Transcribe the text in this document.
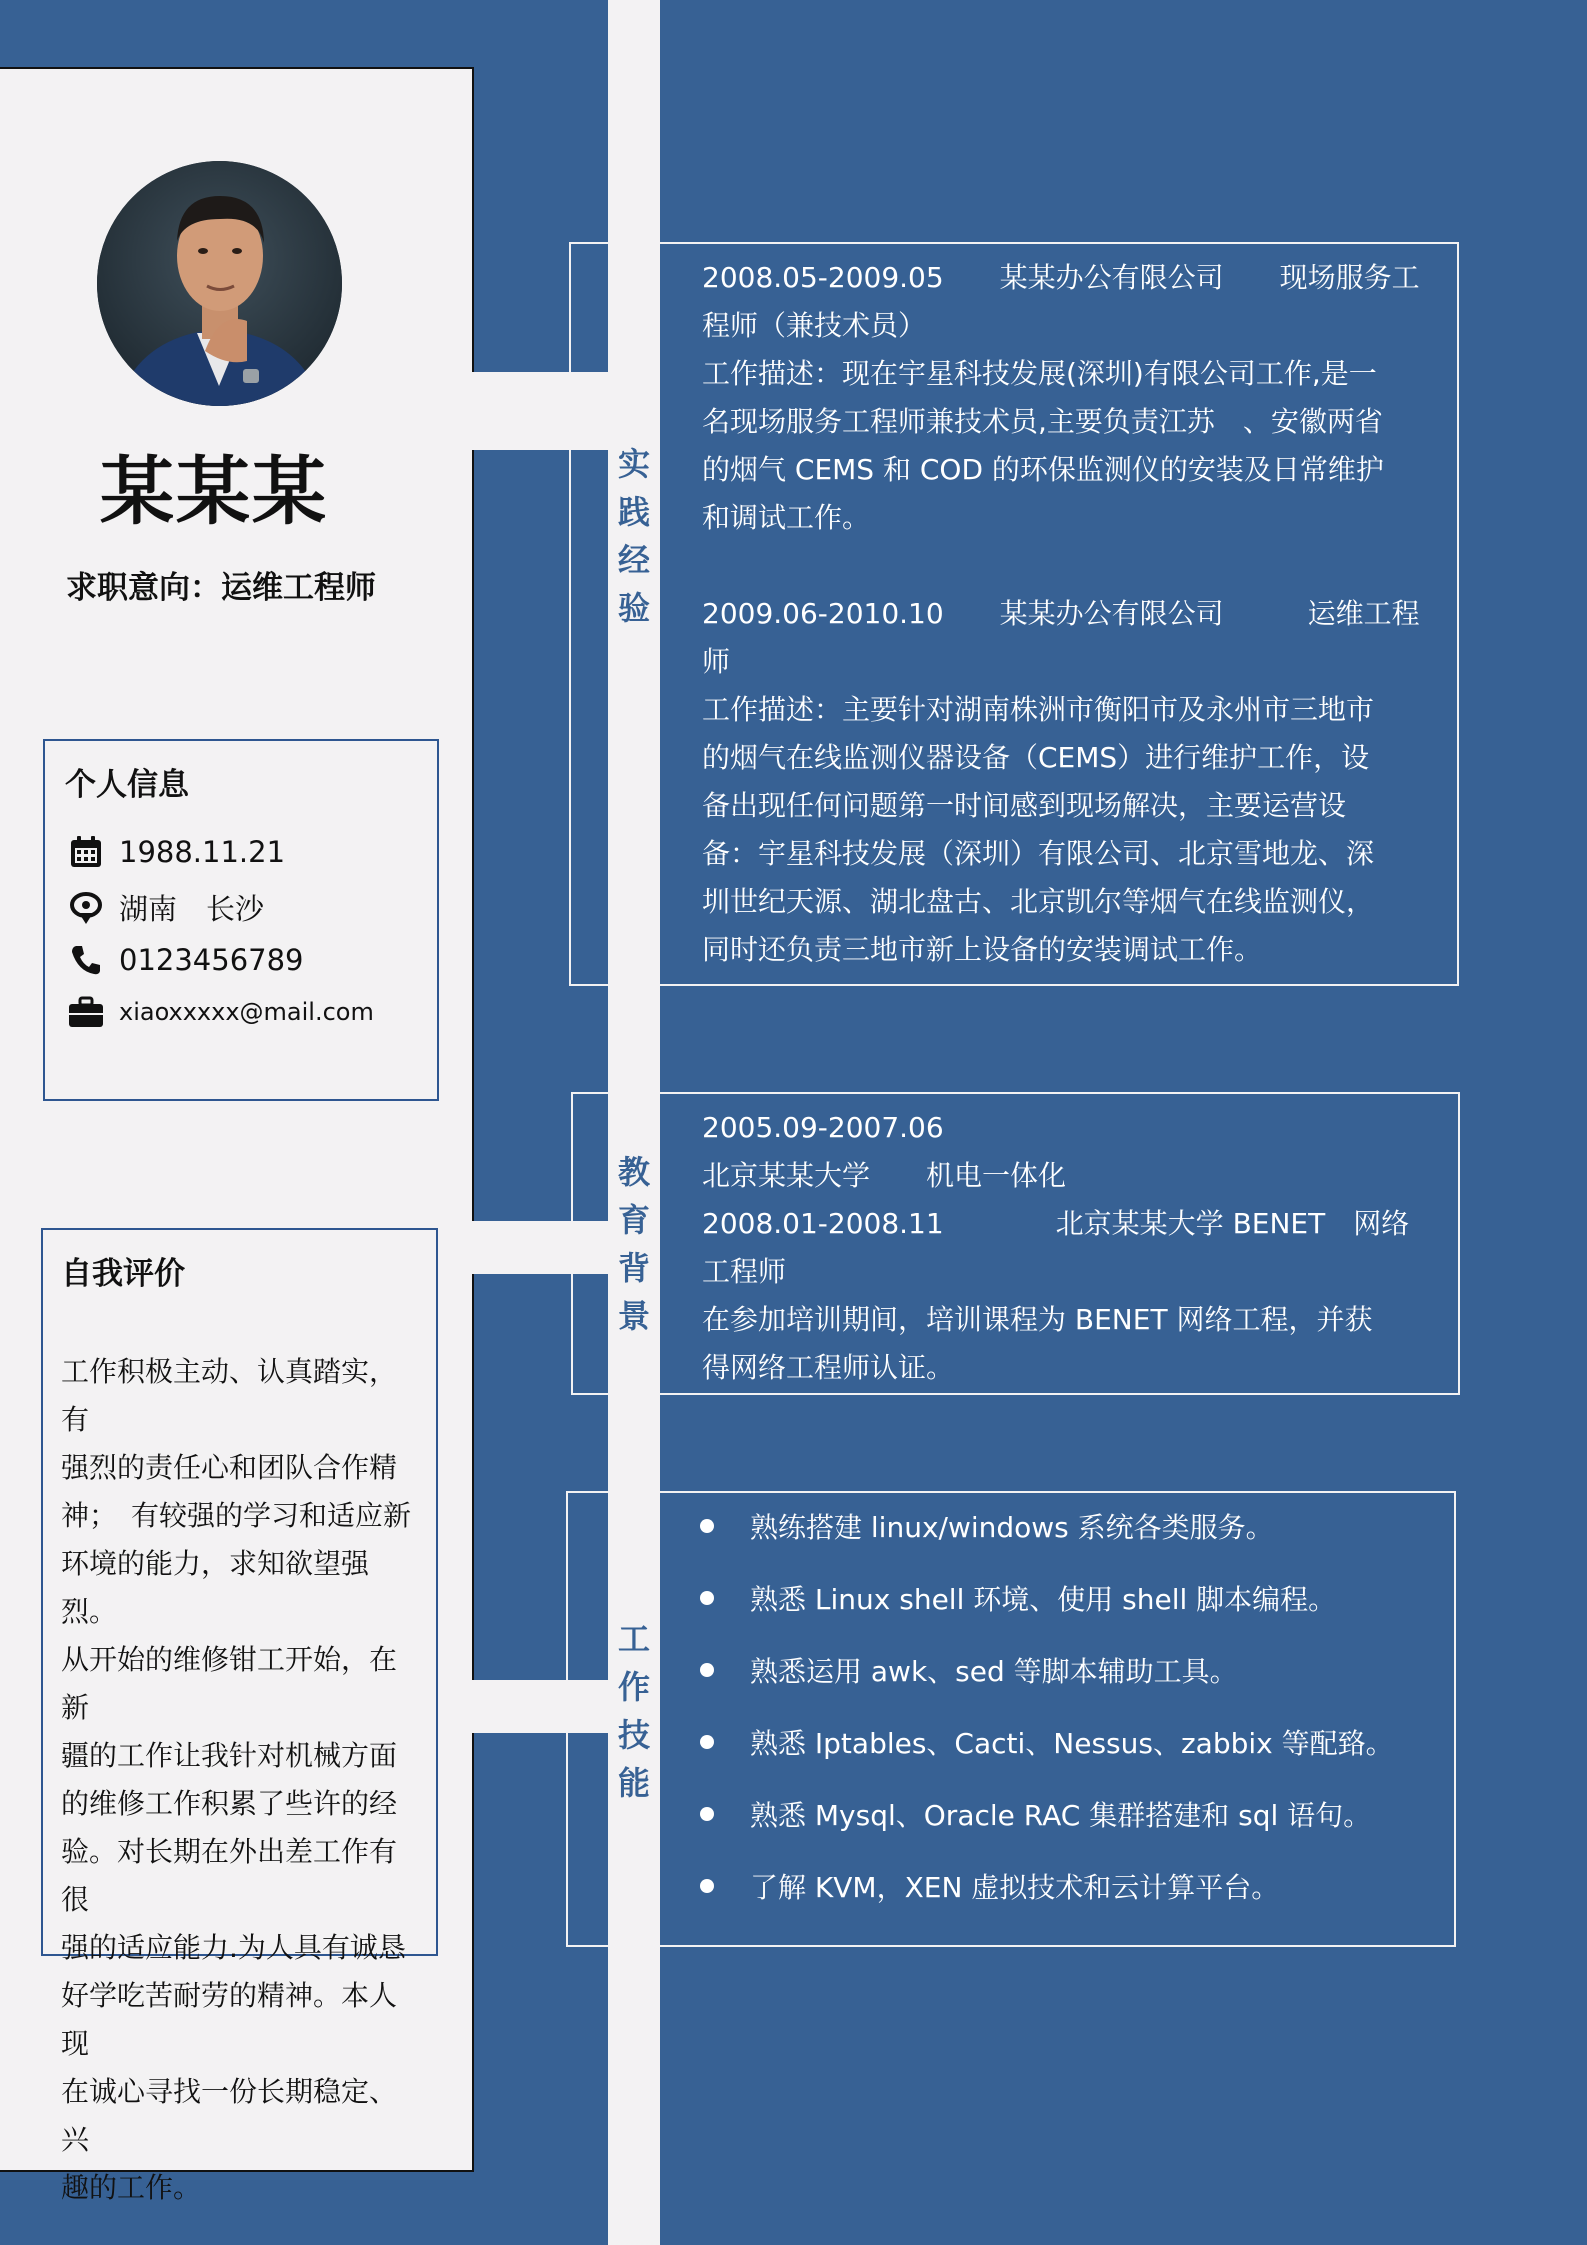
某某某
求职意向：运维工程师
个人信息
1988.11.21
湖南　长沙
0123456789
xiaoxxxxx@mail.com
自我评价
工作积极主动、认真踏实，有
强烈的责任心和团队合作精
神；　有较强的学习和适应新
环境的能力，求知欲望强烈。
从开始的维修钳工开始，在新
疆的工作让我针对机械方面
的维修工作积累了些许的经
验。对长期在外出差工作有很
强的适应能力.为人具有诚恳
好学吃苦耐劳的精神。本人现
在诚心寻找一份长期稳定、兴
趣的工作。
实
践
经
验
2008.05-2009.05　　某某办公有限公司　　现场服务工
程师（兼技术员）
工作描述：现在宇星科技发展(深圳)有限公司工作,是一
名现场服务工程师兼技术员,主要负责江苏　、安徽两省
的烟气 CEMS 和 COD 的环保监测仪的安装及日常维护
和调试工作。
2009.06-2010.10　　某某办公有限公司　　　运维工程
师
工作描述：主要针对湖南株洲市衡阳市及永州市三地市
的烟气在线监测仪器设备（CEMS）进行维护工作，设
备出现任何问题第一时间感到现场解决，主要运营设
备：宇星科技发展（深圳）有限公司、北京雪地龙、深
圳世纪天源、湖北盘古、北京凯尔等烟气在线监测仪，
同时还负责三地市新上设备的安装调试工作。
教
育
背
景
2005.09-2007.06
北京某某大学　　机电一体化
2008.01-2008.11　　　　北京某某大学 BENET　网络
工程师
在参加培训期间，培训课程为 BENET 网络工程，并获
得网络工程师认证。
工
作
技
能
熟练搭建 linux/windows 系统各类服务。
熟悉 Linux shell 环境、使用 shell 脚本编程。
熟悉运用 awk、sed 等脚本辅助工具。
熟悉 Iptables、Cacti、Nessus、zabbix 等配臵。
熟悉 Mysql、Oracle RAC 集群搭建和 sql 语句。
了解 KVM，XEN 虚拟技术和云计算平台。
